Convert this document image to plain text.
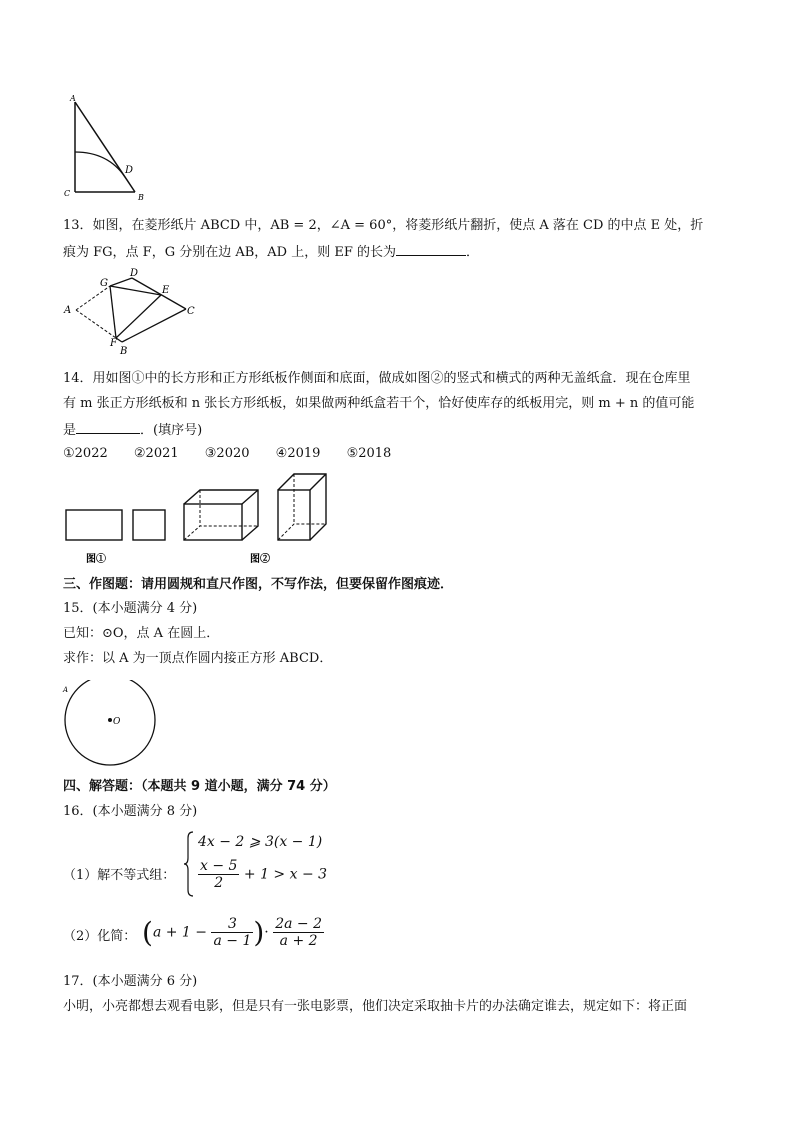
A
D
C	B
13．如图，在菱形纸片 ABCD 中，AB = 2，∠A = 60°，将菱形纸片翻折，使点 A 落在 CD 的中点 E 处，折
痕为 FG，点 F，G 分别在边 AB，AD 上，则 EF 的长为	．
A
G
D
E
C
F
B
14．用如图①中的长方形和正方形纸板作侧面和底面，做成如图②的竖式和横式的两种无盖纸盒．现在仓库里
有 m 张正方形纸板和 n 张长方形纸板，如果做两种纸盒若干个，恰好使库存的纸板用完，则 m + n 的值可能
是	．(填序号)
①2022 ②2021 ③2020 ④2019 ⑤2018
图①	图②
三、作图题：请用圆规和直尺作图，不写作法，但要保留作图痕迹．
15．(本小题满分 4 分)
已知：⊙O，点 A 在圆上．
求作：以 A 为一顶点作圆内接正方形 ABCD．
O
A
四、解答题：（本题共 9 道小题，满分 74 分）
16．(本小题满分 8 分)
（1）解不等式组：
4x − 2 ⩾ 3(x − 1)
$\frac{x - 5}{2} + 1 > x - 3$
（2）化简： ($a + 1 - \frac{3}{a - 1}$ )· $\frac{2a - 2}{a + 2}$
17．(本小题满分 6 分)
小明，小亮都想去观看电影，但是只有一张电影票，他们决定采取抽卡片的办法确定谁去，规定如下：将正面
